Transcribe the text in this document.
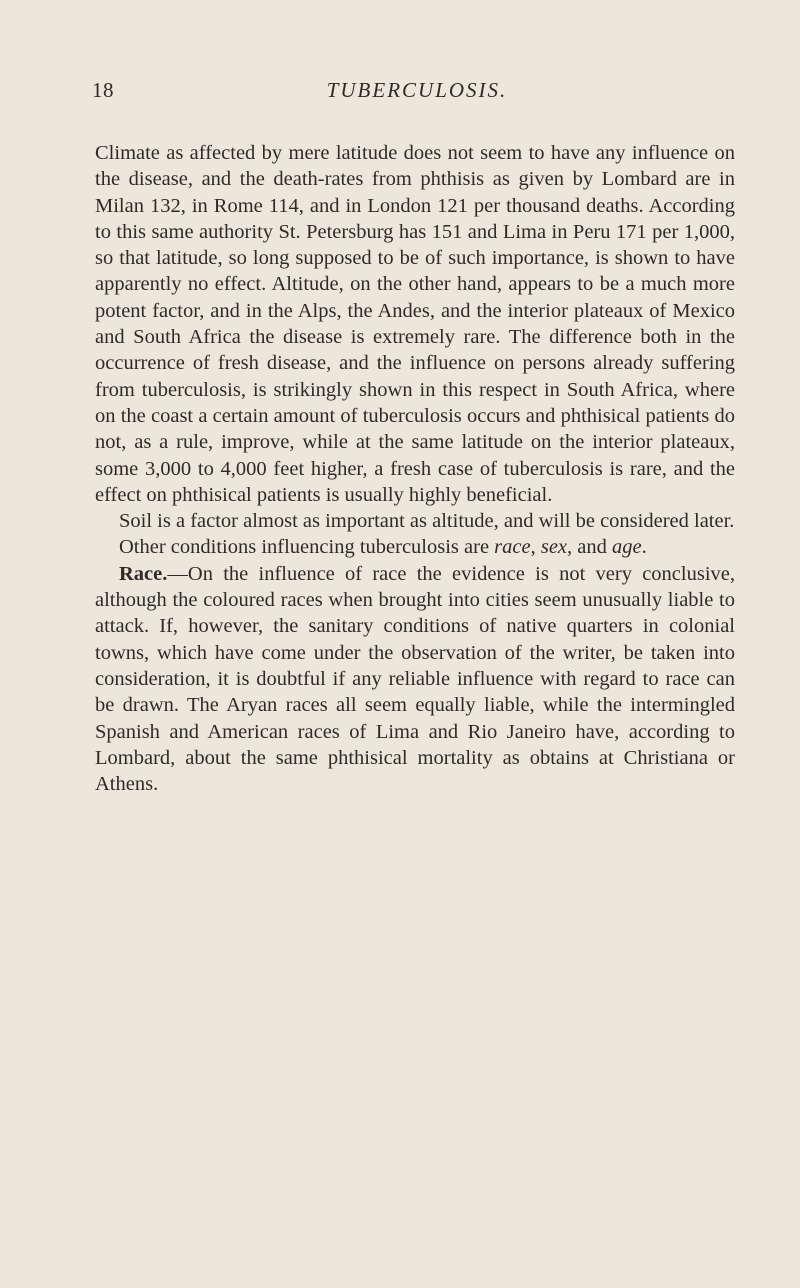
18	TUBERCULOSIS.

Climate as affected by mere latitude does not seem to have any influence on the disease, and the death-rates from phthisis as given by Lombard are in Milan 132, in Rome 114, and in London 121 per thousand deaths. According to this same authority St. Petersburg has 151 and Lima in Peru 171 per 1,000, so that latitude, so long supposed to be of such importance, is shown to have apparently no effect. Altitude, on the other hand, appears to be a much more potent factor, and in the Alps, the Andes, and the interior plateaux of Mexico and South Africa the disease is extremely rare. The difference both in the occurrence of fresh disease, and the influence on persons already suffering from tuberculosis, is strikingly shown in this respect in South Africa, where on the coast a certain amount of tuberculosis occurs and phthisical patients do not, as a rule, improve, while at the same latitude on the interior plateaux, some 3,000 to 4,000 feet higher, a fresh case of tuberculosis is rare, and the effect on phthisical patients is usually highly beneficial.

Soil is a factor almost as important as altitude, and will be considered later.

Other conditions influencing tuberculosis are race, sex, and age.

Race.—On the influence of race the evidence is not very conclusive, although the coloured races when brought into cities seem unusually liable to attack. If, however, the sanitary conditions of native quarters in colonial towns, which have come under the observation of the writer, be taken into consideration, it is doubtful if any reliable influence with regard to race can be drawn. The Aryan races all seem equally liable, while the intermingled Spanish and American races of Lima and Rio Janeiro have, according to Lombard, about the same phthisical mortality as obtains at Christiana or Athens.
